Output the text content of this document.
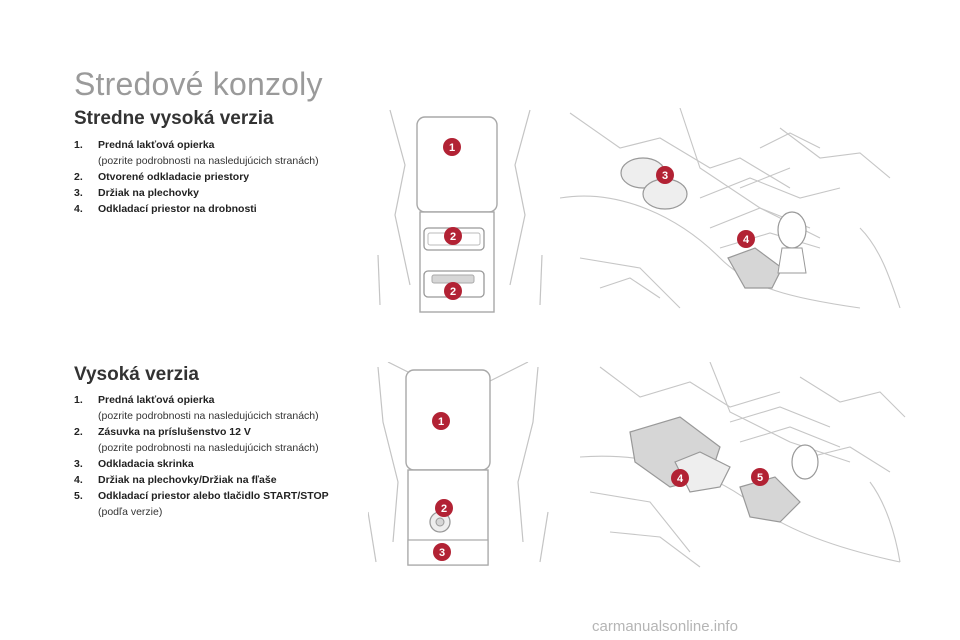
Stredové konzoly
Stredne vysoká verzia
1. Predná lakťová opierka
(pozrite podrobnosti na nasledujúcich stranách)
2. Otvorené odkladacie priestory
3. Držiak na plechovky
4. Odkladací priestor na drobnosti
Vysoká verzia
1. Predná lakťová opierka
(pozrite podrobnosti na nasledujúcich stranách)
2. Zásuvka na príslušenstvo 12 V
(pozrite podrobnosti na nasledujúcich stranách)
3. Odkladacia skrinka
4. Držiak na plechovky/Držiak na fľaše
5. Odkladací priestor alebo tlačidlo START/STOP
(podľa verzie)
1
2
2
3
4
1
2
3
4	5
carmanualsonline.info
